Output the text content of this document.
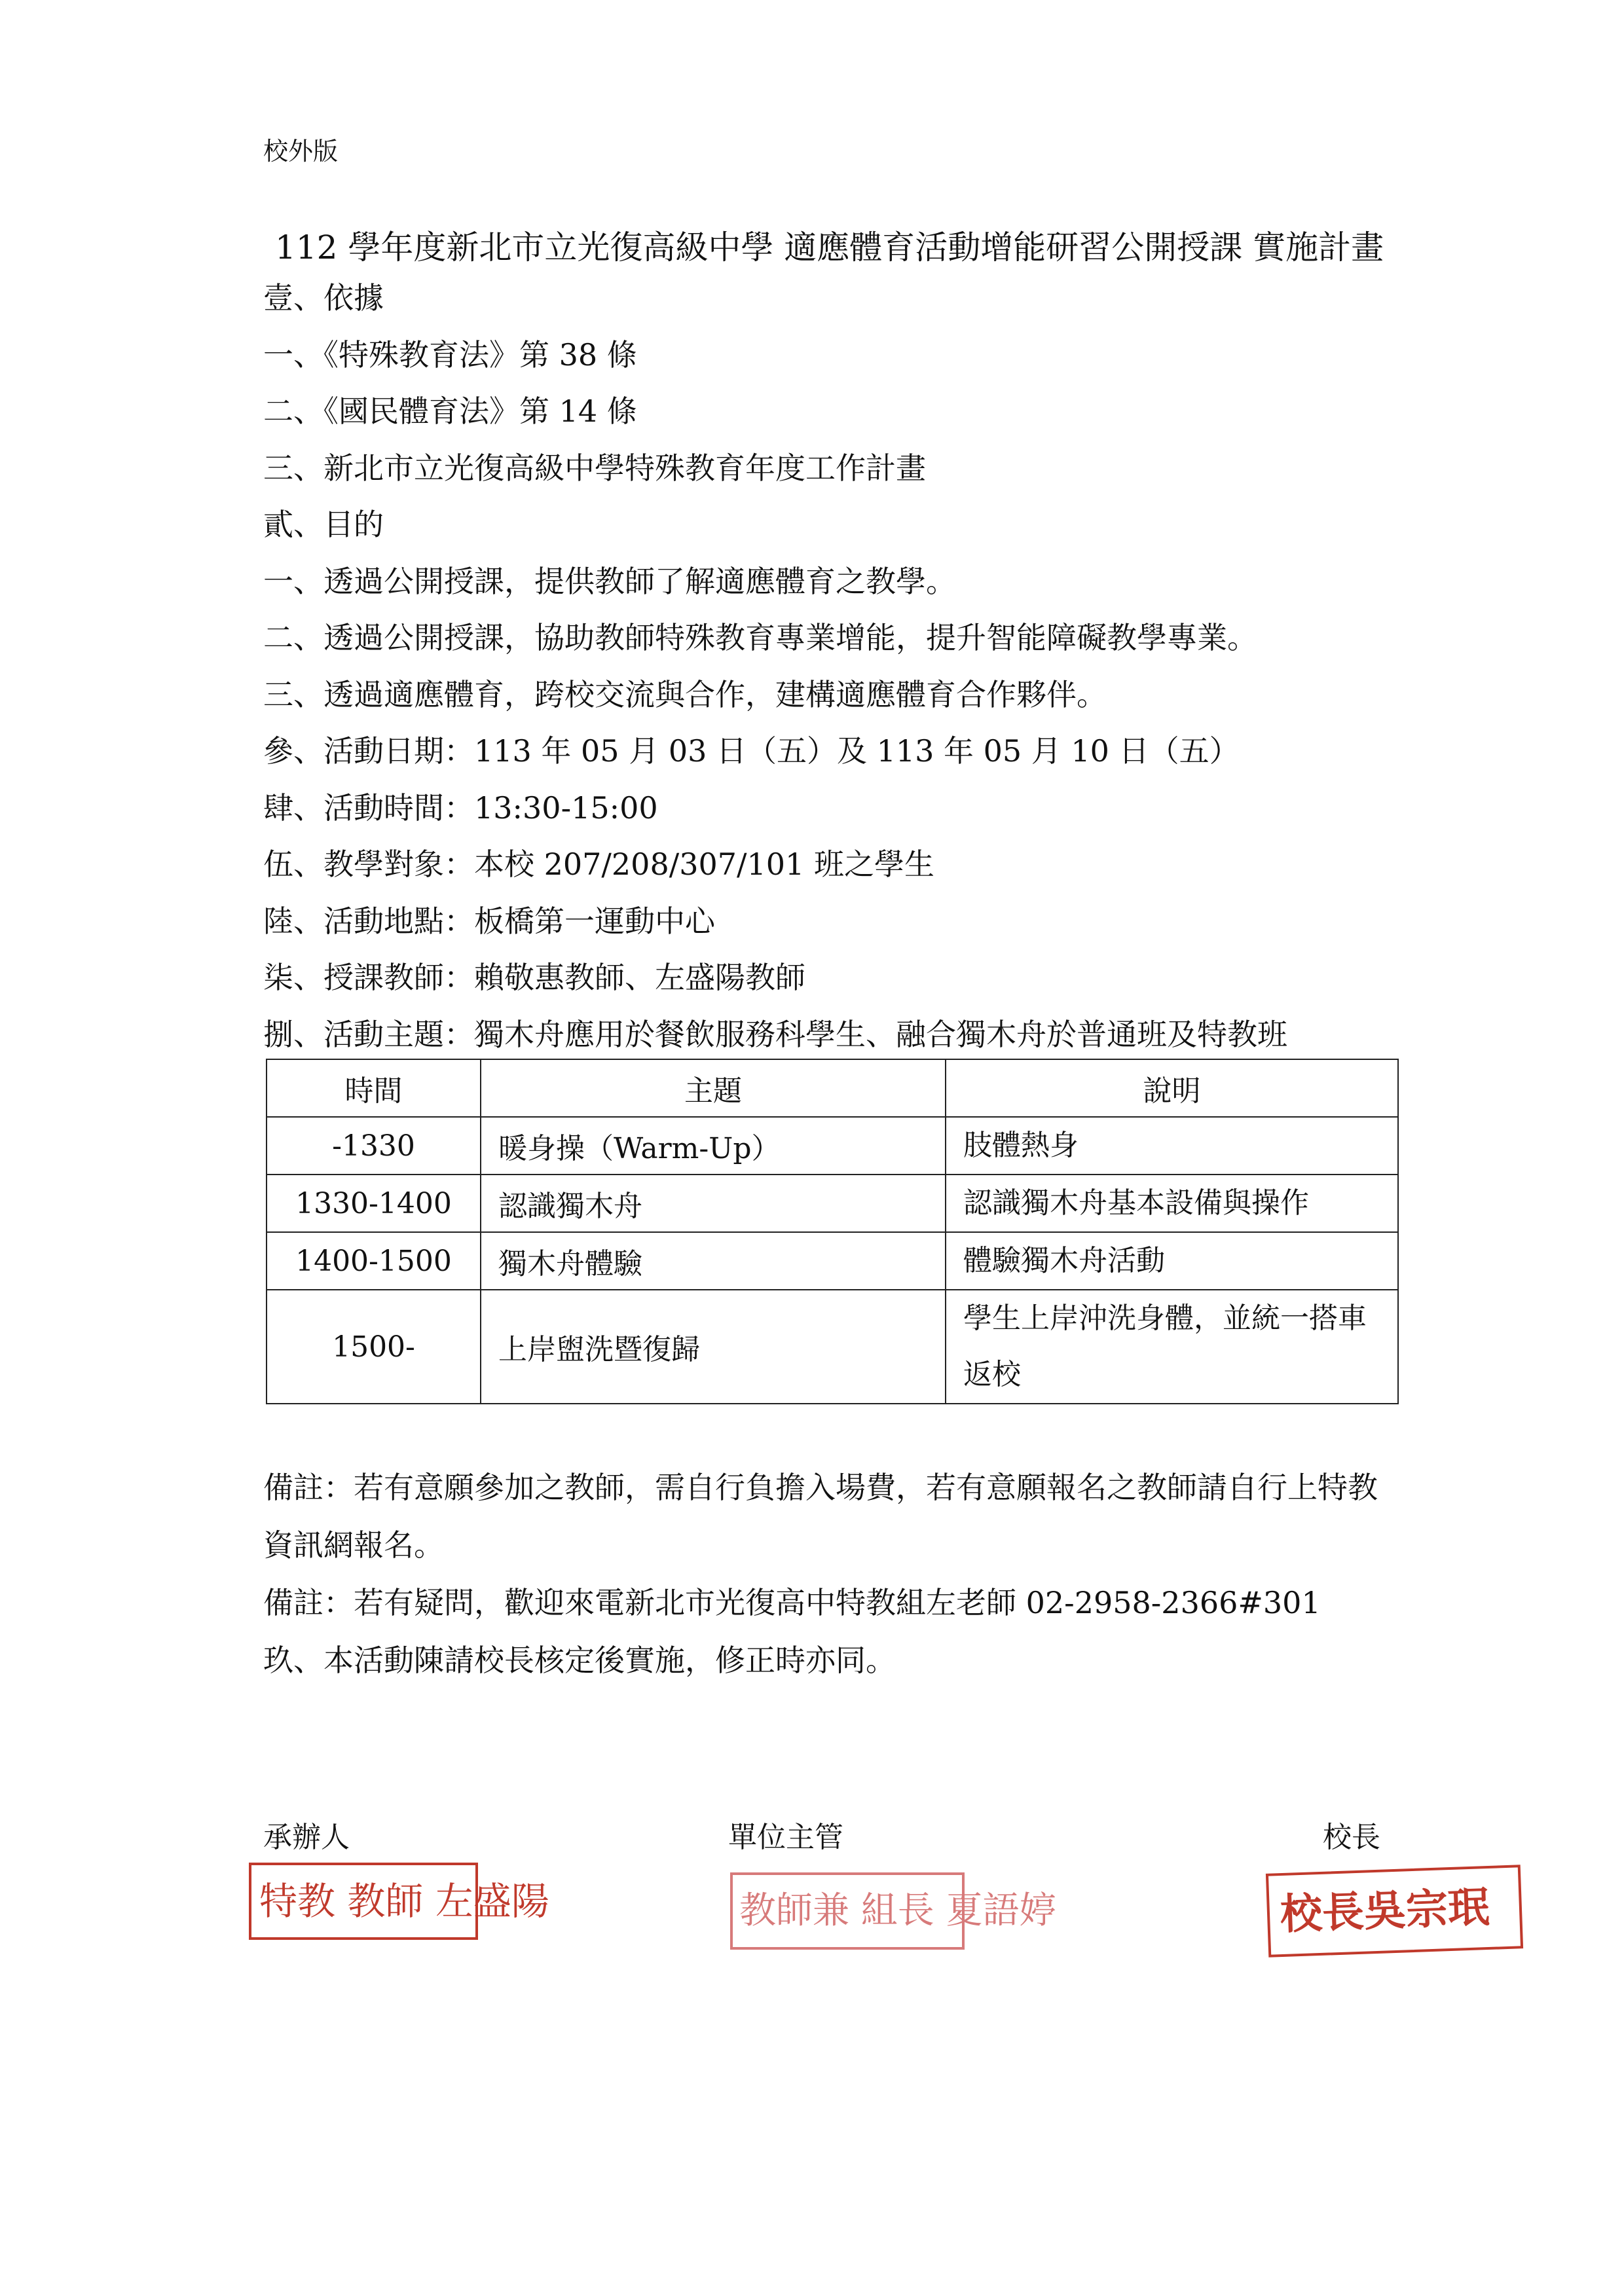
校外版
112 學年度新北市立光復高級中學 適應體育活動增能研習公開授課 實施計畫
壹、依據
一、《特殊教育法》第 38 條
二、《國民體育法》第 14 條
三、新北市立光復高級中學特殊教育年度工作計畫
貳、目的
一、透過公開授課，提供教師了解適應體育之教學。
二、透過公開授課，協助教師特殊教育專業增能，提升智能障礙教學專業。
三、透過適應體育，跨校交流與合作，建構適應體育合作夥伴。
參、活動日期：113 年 05 月 03 日（五）及 113 年 05 月 10 日（五）
肆、活動時間：13:30-15:00
伍、教學對象：本校 207/208/307/101 班之學生
陸、活動地點：板橋第一運動中心
柒、授課教師：賴敬惠教師、左盛陽教師
捌、活動主題：獨木舟應用於餐飲服務科學生、融合獨木舟於普通班及特教班
時間	主題	說明
-1330	暖身操（Warm-Up）	肢體熱身
1330-1400	認識獨木舟	認識獨木舟基本設備與操作
1400-1500	獨木舟體驗	體驗獨木舟活動
1500-	上岸盥洗暨復歸	學生上岸沖洗身體，並統一搭車返校
備註：若有意願參加之教師，需自行負擔入場費，若有意願報名之教師請自行上特教資訊網報名。
備註：若有疑問，歡迎來電新北市光復高中特教組左老師 02-2958-2366#301
玖、本活動陳請校長核定後實施，修正時亦同。
承辦人	單位主管	校長
特教 教師 左盛陽	教師兼 組長 夏語婷	校長吳宗珉
